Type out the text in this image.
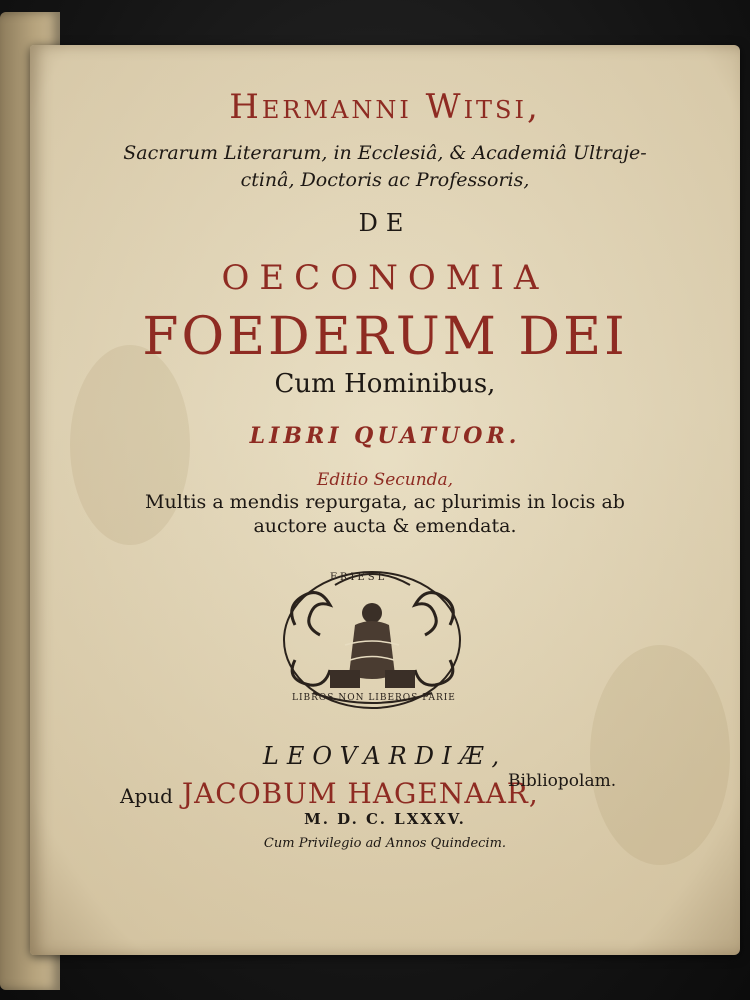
Hermanni Witsi,
Sacrarum Literarum, in Ecclesiâ, & Academiâ Ultraje-
ctinâ, Doctoris ac Professoris,
DE
OECONOMIA
FOEDERUM DEI
Cum Hominibus,
LIBRI QUATUOR.
Editio Secunda,
Multis a mendis repurgata, ac plurimis in locis ab
auctore aucta & emendata.
FRIESL
LIBROS NON LIBEROS PARIE
LEOVARDIÆ,
Apud JACOBUM HAGENAAR,
Bibliopolam.
M. D. C. LXXXV.
Cum Privilegio ad Annos Quindecim.
